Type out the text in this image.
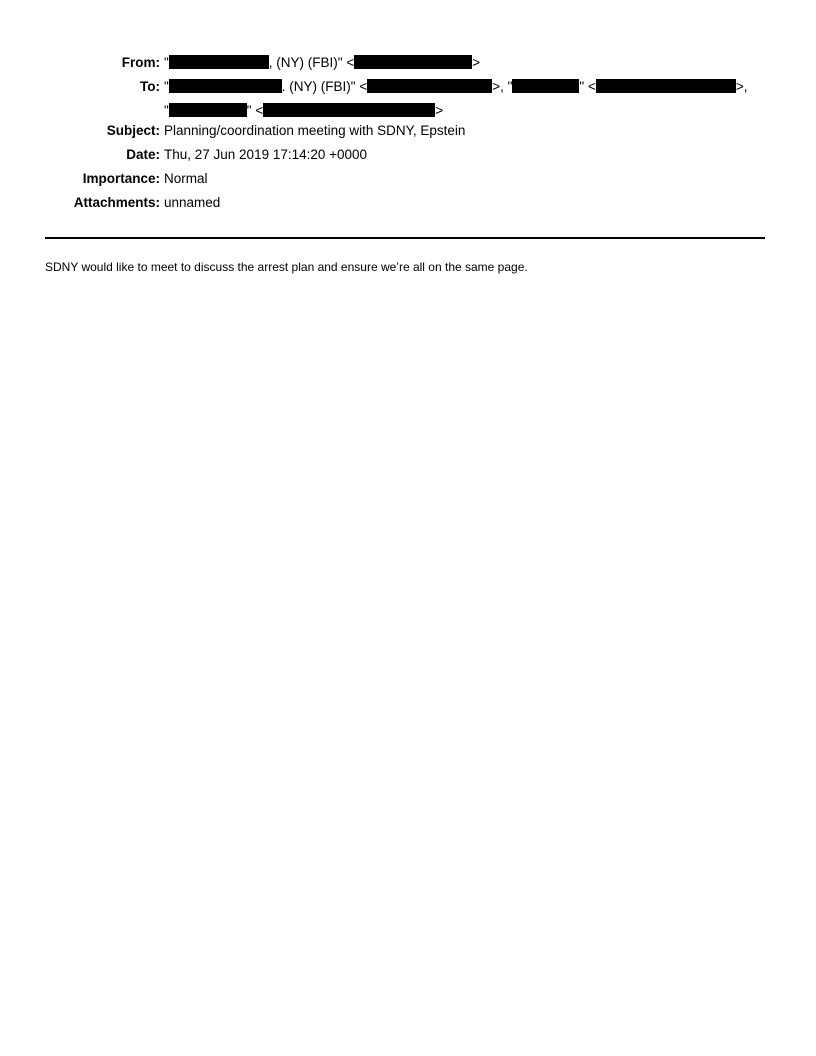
From: "	, (NY) (FBI)" <	>
To: "	. (NY) (FBI)" <	>, "	" <	>,
"	" <	>
Subject: Planning/coordination meeting with SDNY, Epstein
Date: Thu, 27 Jun 2019 17:14:20 +0000
Importance: Normal
Attachments: unnamed
SDNY would like to meet to discuss the arrest plan and ensure we’re all on the same page.
